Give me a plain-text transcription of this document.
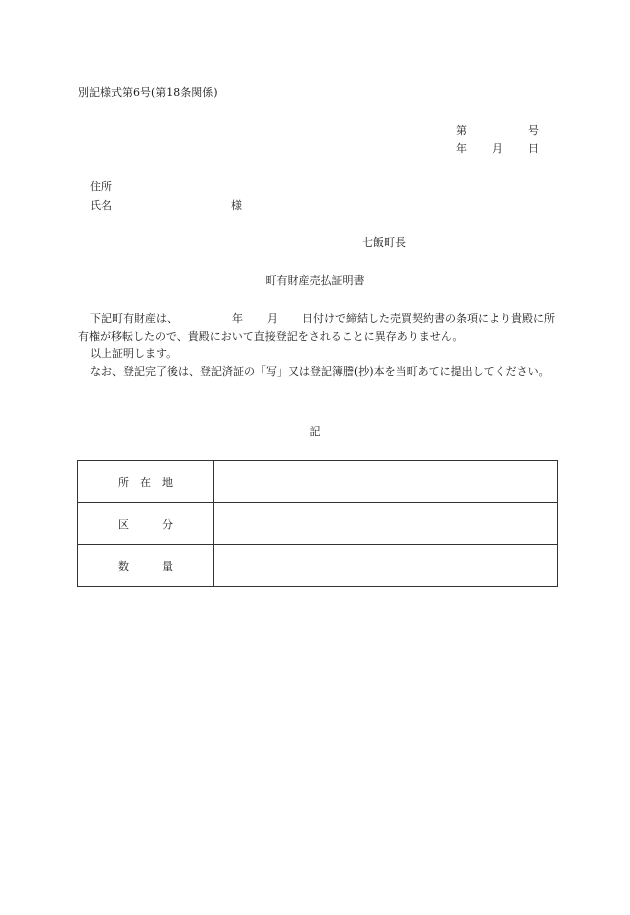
別記様式第6号(第18条関係)
第	号
年 月 日
住所
氏名	様
七飯町長
町有財産売払証明書

下記町有財産は、	年 月 日付けで締結した売買契約書の条項により貴殿に所有権が移転したので、貴殿において直接登記をされることに異存ありません。

以上証明します。

なお、登記完了後は、登記済証の「写」又は登記簿謄(抄)本を当町あてに提出してください。

記
所　在　地	
区　　　分	
数　　　量	
